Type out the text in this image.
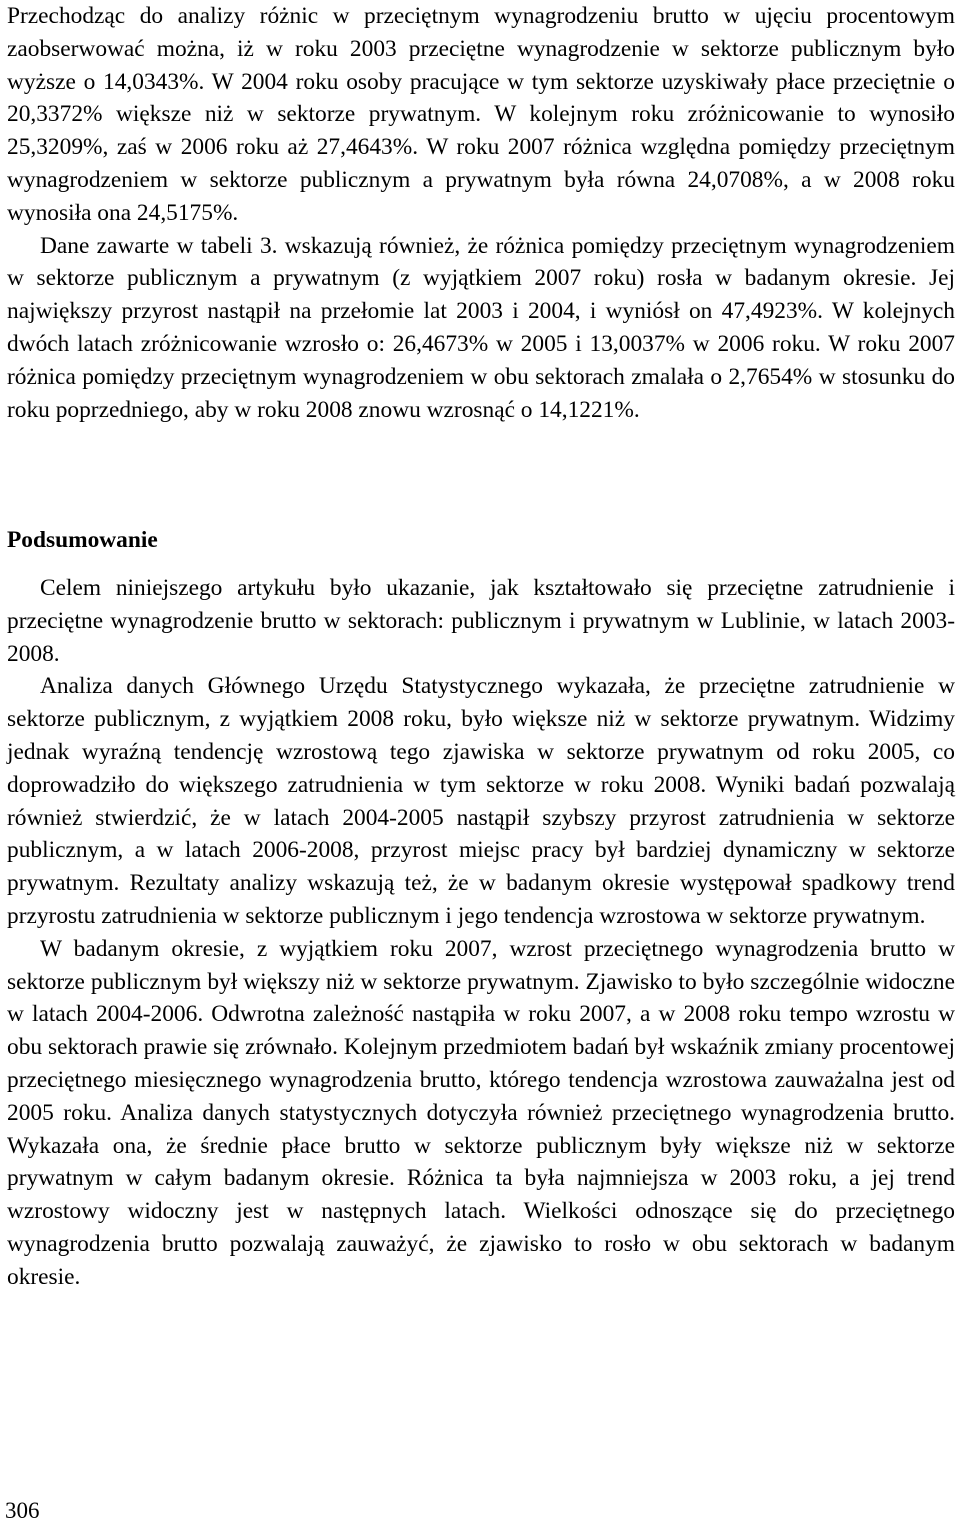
Przechodząc do analizy różnic w przeciętnym wynagrodzeniu brutto w ujęciu procentowym zaobserwować można, iż w roku 2003 przeciętne wynagrodzenie w sektorze publicznym było wyższe o 14,0343%. W 2004 roku osoby pracujące w tym sektorze uzyskiwały płace przeciętnie o 20,3372% większe niż w sektorze prywatnym. W kolejnym roku zróżnicowanie to wynosiło 25,3209%, zaś w 2006 roku aż 27,4643%. W roku 2007 różnica względna pomiędzy przeciętnym wynagrodzeniem w sektorze publicznym a prywatnym była równa 24,0708%, a w 2008 roku wynosiła ona 24,5175%.

Dane zawarte w tabeli 3. wskazują również, że różnica pomiędzy przeciętnym wynagrodzeniem w sektorze publicznym a prywatnym (z wyjątkiem 2007 roku) rosła w badanym okresie. Jej największy przyrost nastąpił na przełomie lat 2003 i 2004, i wyniósł on 47,4923%. W kolejnych dwóch latach zróżnicowanie wzrosło o: 26,4673% w 2005 i 13,0037% w 2006 roku. W roku 2007 różnica pomiędzy przeciętnym wynagrodzeniem w obu sektorach zmalała o 2,7654% w stosunku do roku poprzedniego, aby w roku 2008 znowu wzrosnąć o 14,1221%.

Podsumowanie

Celem niniejszego artykułu było ukazanie, jak kształtowało się przeciętne zatrudnienie i przeciętne wynagrodzenie brutto w sektorach: publicznym i prywatnym w Lublinie, w latach 2003-2008.

Analiza danych Głównego Urzędu Statystycznego wykazała, że przeciętne zatrudnienie w sektorze publicznym, z wyjątkiem 2008 roku, było większe niż w sektorze prywatnym. Widzimy jednak wyraźną tendencję wzrostową tego zjawiska w sektorze prywatnym od roku 2005, co doprowadziło do większego zatrudnienia w tym sektorze w roku 2008. Wyniki badań pozwalają również stwierdzić, że w latach 2004-2005 nastąpił szybszy przyrost zatrudnienia w sektorze publicznym, a w latach 2006-2008, przyrost miejsc pracy był bardziej dynamiczny w sektorze prywatnym. Rezultaty analizy wskazują też, że w badanym okresie występował spadkowy trend przyrostu zatrudnienia w sektorze publicznym i jego tendencja wzrostowa w sektorze prywatnym.

W badanym okresie, z wyjątkiem roku 2007, wzrost przeciętnego wynagrodzenia brutto w sektorze publicznym był większy niż w sektorze prywatnym. Zjawisko to było szczególnie widoczne w latach 2004-2006. Odwrotna zależność nastąpiła w roku 2007, a w 2008 roku tempo wzrostu w obu sektorach prawie się zrównało. Kolejnym przedmiotem badań był wskaźnik zmiany procentowej przeciętnego miesięcznego wynagrodzenia brutto, którego tendencja wzrostowa zauważalna jest od 2005 roku. Analiza danych statystycznych dotyczyła również przeciętnego wynagrodzenia brutto. Wykazała ona, że średnie płace brutto w sektorze publicznym były większe niż w sektorze prywatnym w całym badanym okresie. Różnica ta była najmniejsza w 2003 roku, a jej trend wzrostowy widoczny jest w następnych latach. Wielkości odnoszące się do przeciętnego wynagrodzenia brutto pozwalają zauważyć, że zjawisko to rosło w obu sektorach w badanym okresie.

306
